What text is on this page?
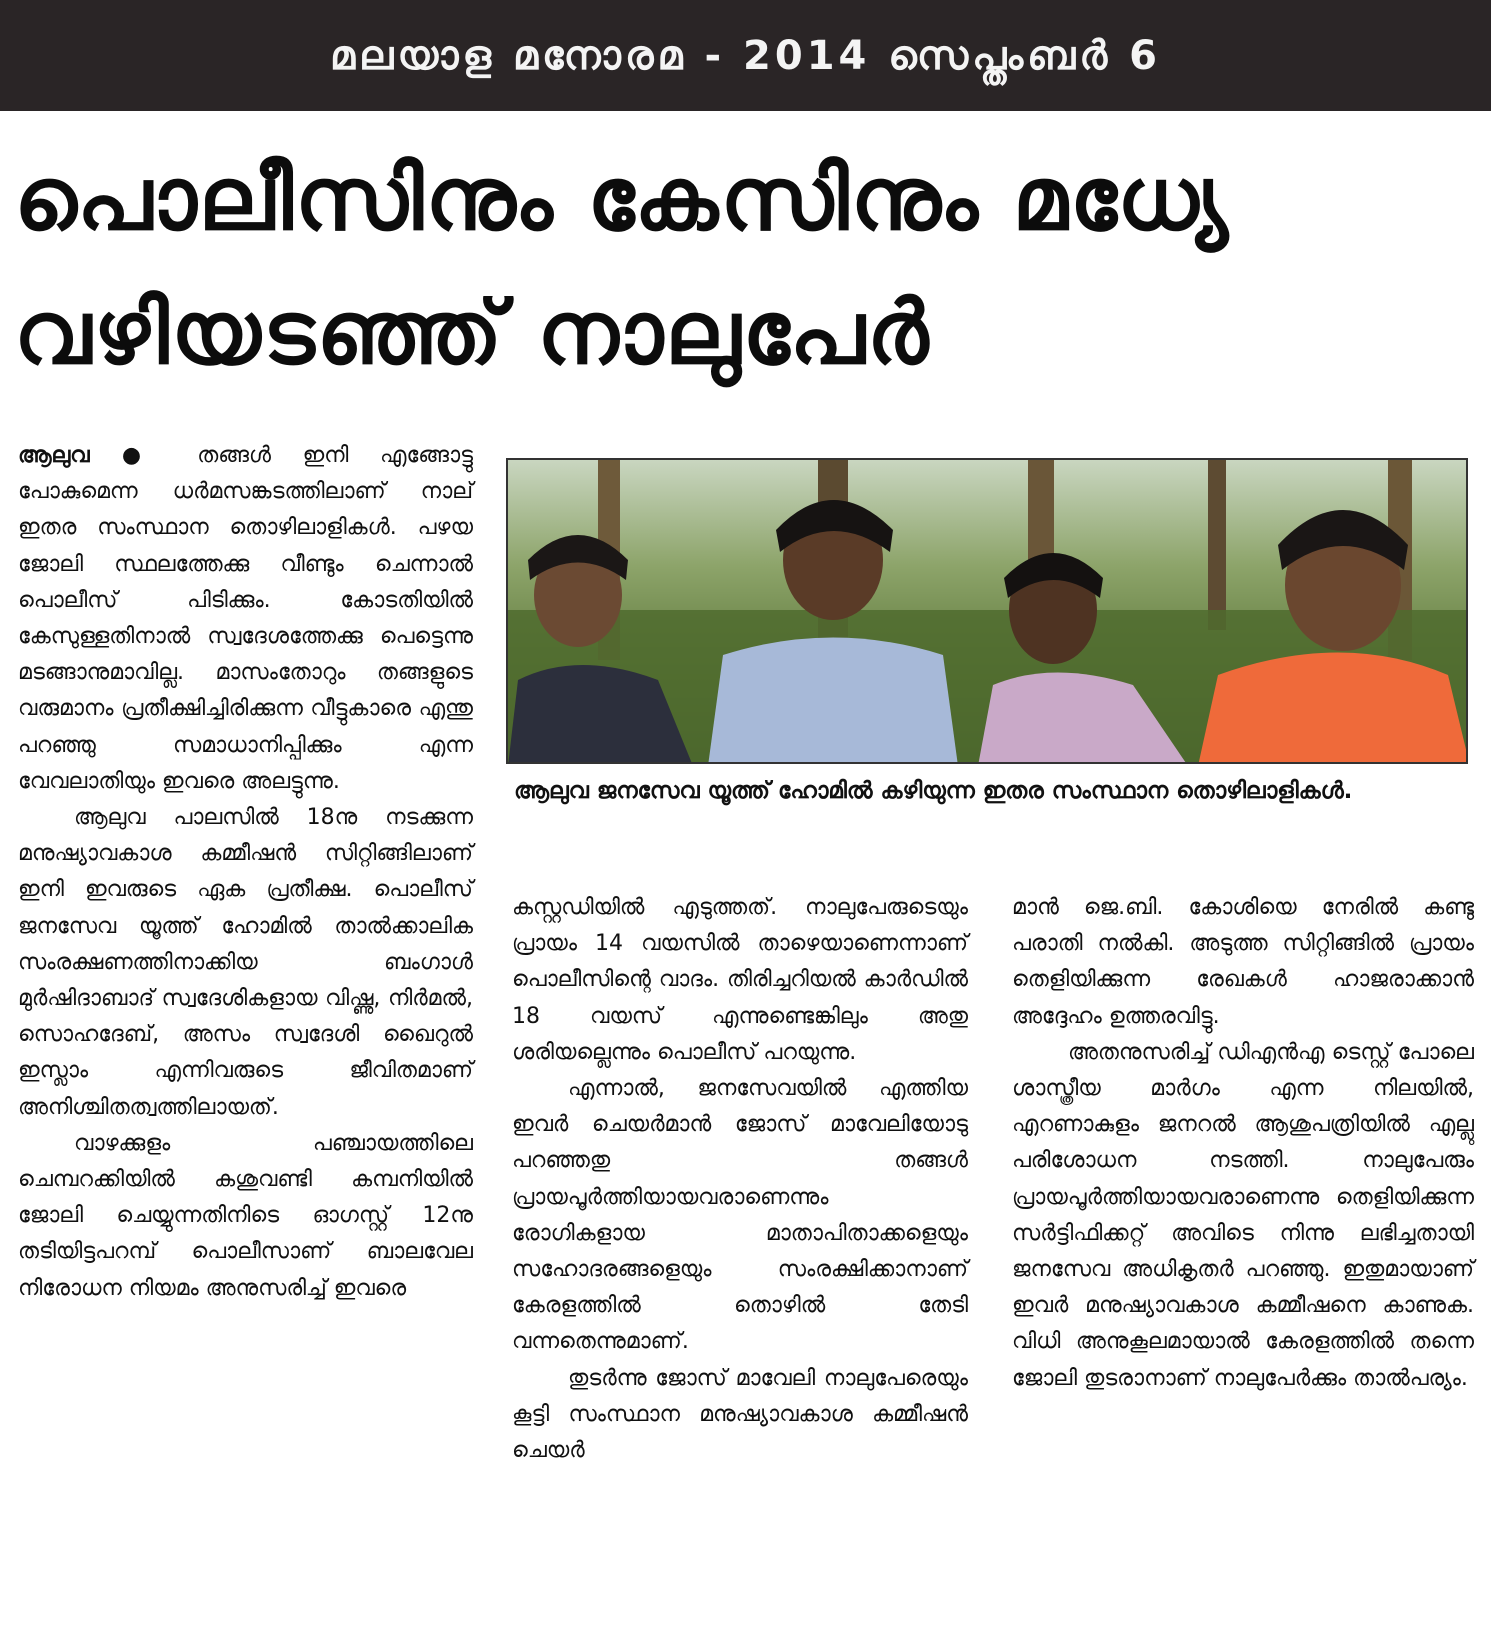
മലയാള മനോരമ - 2014 സെപ്തംബർ 6
പൊലീസിനും കേസിനും മധ്യേ
വഴിയടഞ്ഞ് നാലുപേർ

ആലുവ ● തങ്ങൾ ഇനി എങ്ങോട്ടു പോകുമെന്ന ധർമസങ്കടത്തിലാണ് നാല് ഇതര സംസ്ഥാന തൊഴിലാളികൾ. പഴയ ജോലി സ്ഥലത്തേക്കു വീണ്ടും ചെന്നാൽ പൊലീസ് പിടിക്കും. കോടതിയിൽ കേസുള്ളതിനാൽ സ്വദേശത്തേക്കു പെട്ടെന്നു മടങ്ങാനുമാവില്ല. മാസംതോറും തങ്ങളുടെ വരുമാനം പ്രതീക്ഷിച്ചിരിക്കുന്ന വീട്ടുകാരെ എന്തു പറഞ്ഞു സമാധാനിപ്പിക്കും എന്ന വേവലാതിയും ഇവരെ അലട്ടുന്നു.

ആലുവ പാലസിൽ 18നു നടക്കുന്ന മനുഷ്യാവകാശ കമ്മീഷൻ സിറ്റിങ്ങിലാണ് ഇനി ഇവരുടെ ഏക പ്രതീക്ഷ. പൊലീസ് ജനസേവ യൂത്ത് ഹോമിൽ താൽക്കാലിക സംരക്ഷണത്തിനാക്കിയ ബംഗാൾ മുർഷിദാബാദ് സ്വദേശികളായ വിഷ്ണു, നിർമൽ, സൊഹദേബ്, അസം സ്വദേശി ഖൈറുൽ ഇസ്ലാം എന്നിവരുടെ ജീവിതമാണ് അനിശ്ചിതത്വത്തിലായത്.

വാഴക്കുളം പഞ്ചായത്തിലെ ചെമ്പറക്കിയിൽ കശുവണ്ടി കമ്പനിയിൽ ജോലി ചെയ്യുന്നതിനിടെ ഓഗസ്റ്റ് 12നു തടിയിട്ടപറമ്പ് പൊലീസാണ് ബാലവേല നിരോധന നിയമം അനുസരിച്ച് ഇവരെ

ആലുവ ജനസേവ യൂത്ത് ഹോമിൽ കഴിയുന്ന ഇതര സംസ്ഥാന തൊഴിലാളികൾ.

കസ്റ്റഡിയിൽ എടുത്തത്. നാലുപേരുടെയും പ്രായം 14 വയസിൽ താഴെയാണെന്നാണ് പൊലീസിന്റെ വാദം. തിരിച്ചറിയൽ കാർഡിൽ 18 വയസ് എന്നുണ്ടെങ്കിലും അതു ശരിയല്ലെന്നും പൊലീസ് പറയുന്നു.

എന്നാൽ, ജനസേവയിൽ എത്തിയ ഇവർ ചെയർമാൻ ജോസ് മാവേലിയോടു പറഞ്ഞതു തങ്ങൾ പ്രായപൂർത്തിയായവരാണെന്നും രോഗികളായ മാതാപിതാക്കളെയും സഹോദരങ്ങളെയും സംരക്ഷിക്കാനാണ് കേരളത്തിൽ തൊഴിൽ തേടി വന്നതെന്നുമാണ്.

തുടർന്നു ജോസ് മാവേലി നാലുപേരെയും കൂട്ടി സംസ്ഥാന മനുഷ്യാവകാശ കമ്മീഷൻ ചെയർ

മാൻ ജെ.ബി. കോശിയെ നേരിൽ കണ്ടു പരാതി നൽകി. അടുത്ത സിറ്റിങ്ങിൽ പ്രായം തെളിയിക്കുന്ന രേഖകൾ ഹാജരാക്കാൻ അദ്ദേഹം ഉത്തരവിട്ടു.

അതനുസരിച്ച് ഡിഎൻഎ ടെസ്റ്റ് പോലെ ശാസ്ത്രീയ മാർഗം എന്ന നിലയിൽ, എറണാകുളം ജനറൽ ആശുപത്രിയിൽ എല്ലു പരിശോധന നടത്തി. നാലുപേരും പ്രായപൂർത്തിയായവരാണെന്നു തെളിയിക്കുന്ന സർട്ടിഫിക്കറ്റ് അവിടെ നിന്നു ലഭിച്ചതായി ജനസേവ അധികൃതർ പറഞ്ഞു. ഇതുമായാണ് ഇവർ മനുഷ്യാവകാശ കമ്മീഷനെ കാണുക. വിധി അനുകൂലമായാൽ കേരളത്തിൽ തന്നെ ജോലി തുടരാനാണ് നാലുപേർക്കും താൽപര്യം.
